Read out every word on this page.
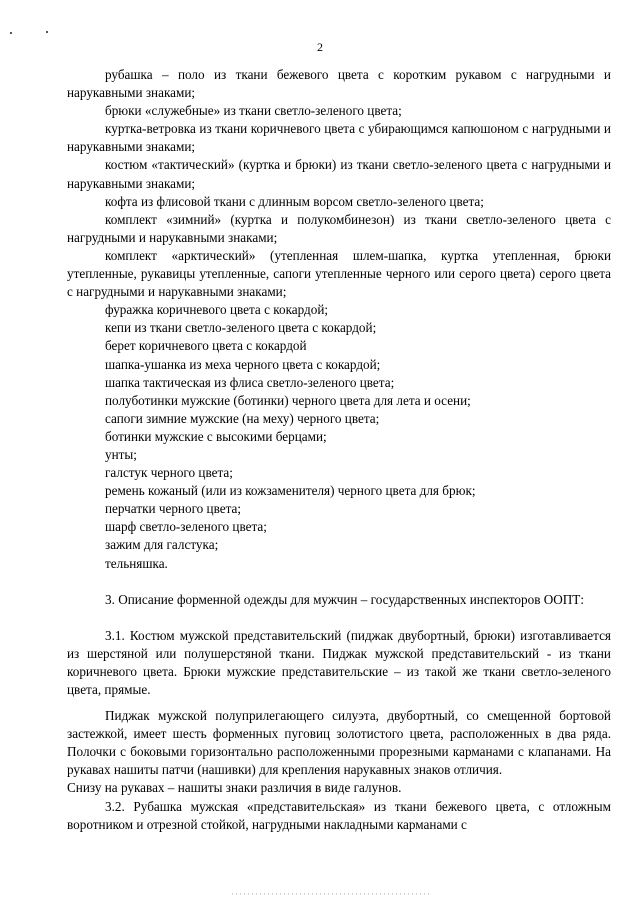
2

рубашка – поло из ткани бежевого цвета с коротким рукавом с нагрудными и нарукавными знаками;

брюки «служебные» из ткани светло-зеленого цвета;

куртка-ветровка из ткани коричневого цвета с убирающимся капюшоном с нагрудными и нарукавными знаками;

костюм «тактический» (куртка и брюки) из ткани светло-зеленого цвета с нагрудными и нарукавными знаками;

кофта из флисовой ткани с длинным ворсом светло-зеленого цвета;

комплект «зимний» (куртка и полукомбинезон) из ткани светло-зеленого цвета с нагрудными и нарукавными знаками;

комплект «арктический» (утепленная шлем-шапка, куртка утепленная, брюки утепленные, рукавицы утепленные, сапоги утепленные черного или серого цвета) серого цвета с нагрудными и нарукавными знаками;

фуражка коричневого цвета с кокардой;

кепи из ткани светло-зеленого цвета с кокардой;

берет коричневого цвета с кокардой

шапка-ушанка из меха черного цвета с кокардой;

шапка тактическая из флиса светло-зеленого цвета;

полуботинки мужские (ботинки) черного цвета для лета и осени;

сапоги зимние мужские (на меху) черного цвета;

ботинки мужские с высокими берцами;

унты;

галстук черного цвета;

ремень кожаный (или из кожзаменителя) черного цвета для брюк;

перчатки черного цвета;

шарф светло-зеленого цвета;

зажим для галстука;

тельняшка.

3. Описание форменной одежды для мужчин – государственных инспекторов ООПТ:

3.1. Костюм мужской представительский (пиджак двубортный, брюки) изготавливается из шерстяной или полушерстяной ткани. Пиджак мужской представительский - из ткани коричневого цвета. Брюки мужские представительские – из такой же ткани светло-зеленого цвета, прямые.

Пиджак мужской полуприлегающего силуэта, двубортный, со смещенной бортовой застежкой, имеет шесть форменных пуговиц золотистого цвета, расположенных в два ряда. Полочки с боковыми горизонтально расположенными прорезными карманами с клапанами. На рукавах нашиты патчи (нашивки) для крепления нарукавных знаков отличия.

Снизу на рукавах – нашиты знаки различия в виде галунов.

3.2. Рубашка мужская «представительская» из ткани бежевого цвета, с отложным воротником и отрезной стойкой, нагрудными накладными карманами с
